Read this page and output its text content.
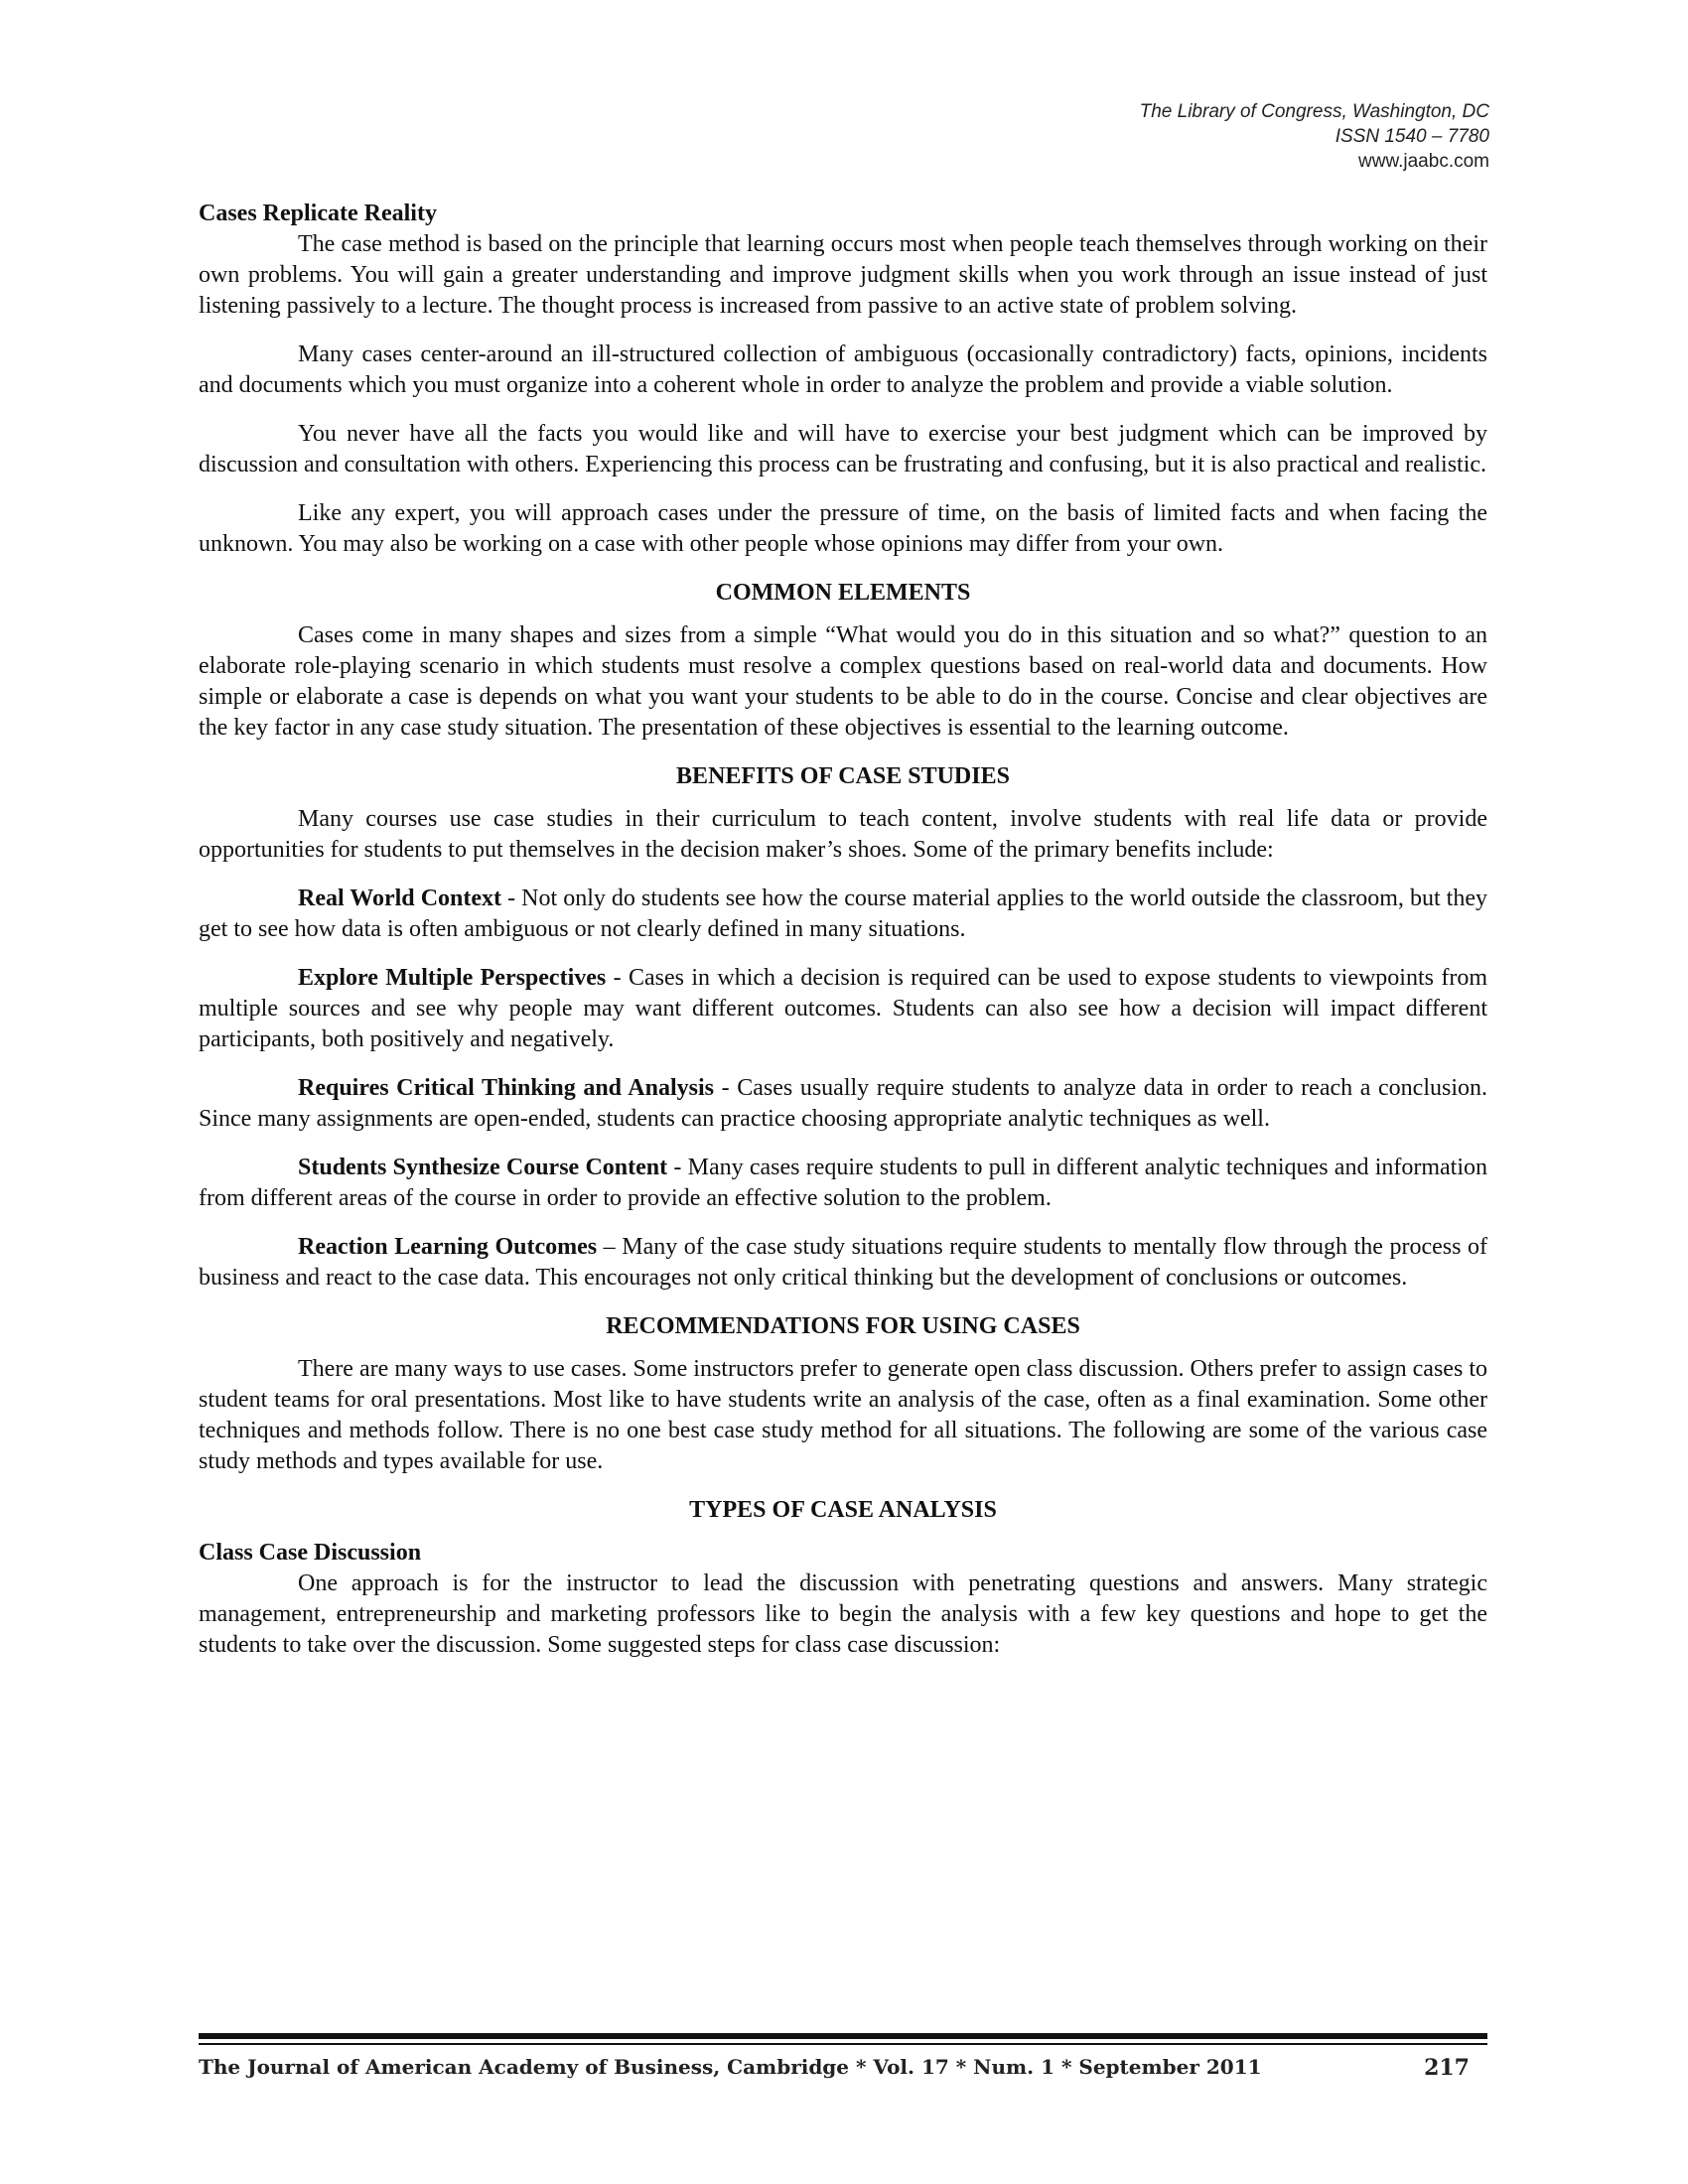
The Library of Congress, Washington, DC
ISSN 1540 – 7780
www.jaabc.com

Cases Replicate Reality

The case method is based on the principle that learning occurs most when people teach themselves through working on their own problems. You will gain a greater understanding and improve judgment skills when you work through an issue instead of just listening passively to a lecture. The thought process is increased from passive to an active state of problem solving.

Many cases center-around an ill-structured collection of ambiguous (occasionally contradictory) facts, opinions, incidents and documents which you must organize into a coherent whole in order to analyze the problem and provide a viable solution.

You never have all the facts you would like and will have to exercise your best judgment which can be improved by discussion and consultation with others. Experiencing this process can be frustrating and confusing, but it is also practical and realistic.

Like any expert, you will approach cases under the pressure of time, on the basis of limited facts and when facing the unknown. You may also be working on a case with other people whose opinions may differ from your own.

COMMON ELEMENTS

Cases come in many shapes and sizes from a simple “What would you do in this situation and so what?” question to an elaborate role-playing scenario in which students must resolve a complex questions based on real-world data and documents. How simple or elaborate a case is depends on what you want your students to be able to do in the course. Concise and clear objectives are the key factor in any case study situation. The presentation of these objectives is essential to the learning outcome.

BENEFITS OF CASE STUDIES

Many courses use case studies in their curriculum to teach content, involve students with real life data or provide opportunities for students to put themselves in the decision maker’s shoes. Some of the primary benefits include:

Real World Context - Not only do students see how the course material applies to the world outside the classroom, but they get to see how data is often ambiguous or not clearly defined in many situations.

Explore Multiple Perspectives - Cases in which a decision is required can be used to expose students to viewpoints from multiple sources and see why people may want different outcomes. Students can also see how a decision will impact different participants, both positively and negatively.

Requires Critical Thinking and Analysis - Cases usually require students to analyze data in order to reach a conclusion. Since many assignments are open-ended, students can practice choosing appropriate analytic techniques as well.

Students Synthesize Course Content - Many cases require students to pull in different analytic techniques and information from different areas of the course in order to provide an effective solution to the problem.

Reaction Learning Outcomes – Many of the case study situations require students to mentally flow through the process of business and react to the case data. This encourages not only critical thinking but the development of conclusions or outcomes.

RECOMMENDATIONS FOR USING CASES

There are many ways to use cases. Some instructors prefer to generate open class discussion. Others prefer to assign cases to student teams for oral presentations. Most like to have students write an analysis of the case, often as a final examination. Some other techniques and methods follow. There is no one best case study method for all situations. The following are some of the various case study methods and types available for use.

TYPES OF CASE ANALYSIS

Class Case Discussion

One approach is for the instructor to lead the discussion with penetrating questions and answers. Many strategic management, entrepreneurship and marketing professors like to begin the analysis with a few key questions and hope to get the students to take over the discussion. Some suggested steps for class case discussion:

The Journal of American Academy of Business, Cambridge * Vol. 17 * Num. 1 * September 2011	217
